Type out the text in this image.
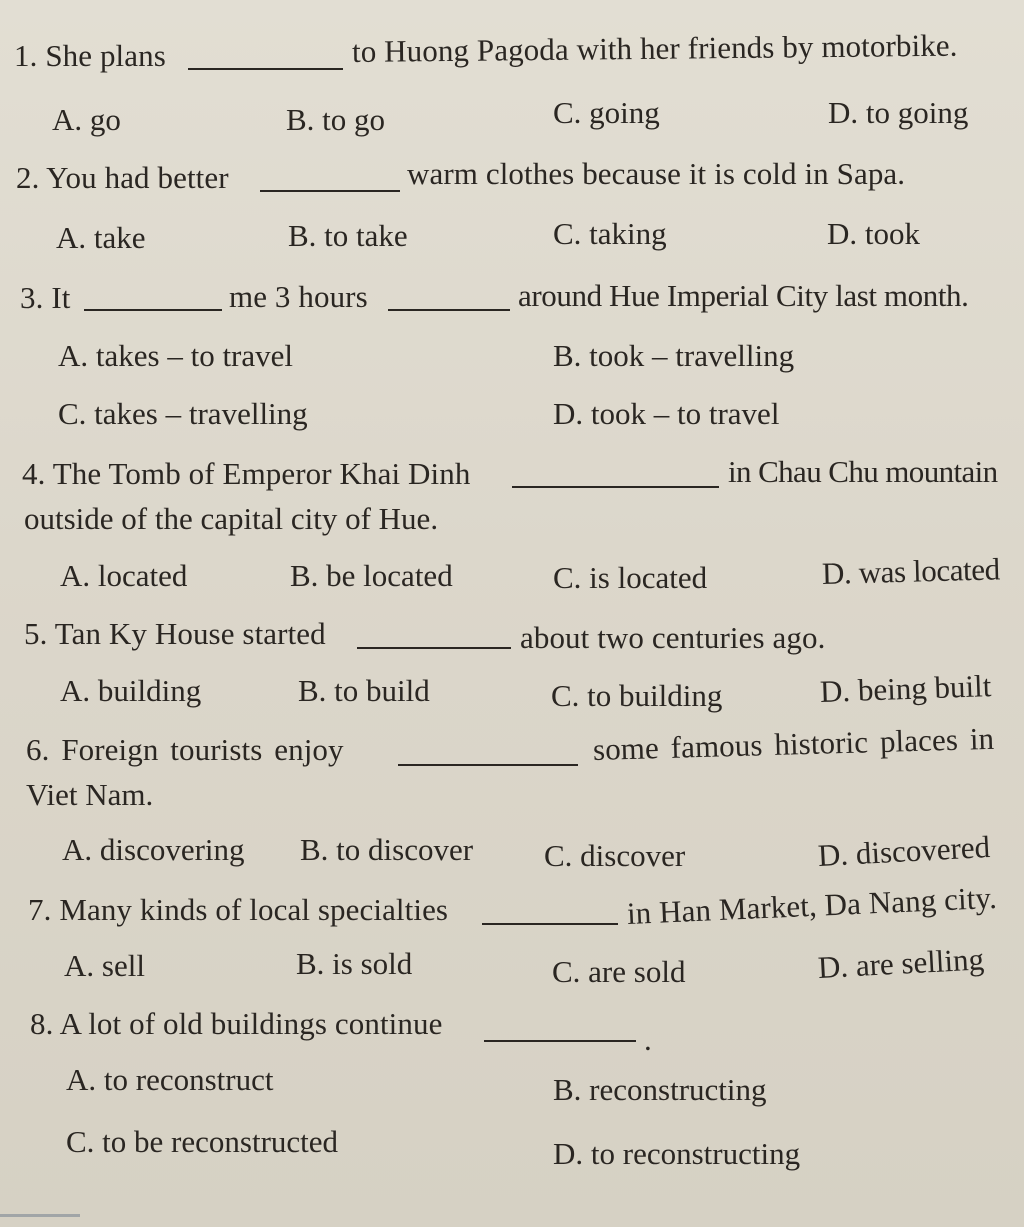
1. She plans	to Huong Pagoda with her friends by motorbike.
A. go	B. to go	C. going	D. to going
2. You had better	warm clothes because it is cold in Sapa.
A. take	B. to take	C. taking	D. took
3. It	me 3 hours	around Hue Imperial City last month.
A. takes – to travel	B. took – travelling
C. takes – travelling	D. took – to travel
4. The Tomb of Emperor Khai Dinh	in Chau Chu mountain
outside of the capital city of Hue.
A. located	B. be located	C. is located	D. was located
5. Tan Ky House started	about two centuries ago.
A. building	B. to build	C. to building	D. being built
6. Foreign tourists enjoy	some famous historic places in
Viet Nam.
A. discovering B. to discover C. discover	D. discovered
7. Many kinds of local specialties	in Han Market, Da Nang city.
A. sell	B. is sold	C. are sold	D. are selling
8. A lot of old buildings continue	.
A. to reconstruct	B. reconstructing
C. to be reconstructed	D. to reconstructing
